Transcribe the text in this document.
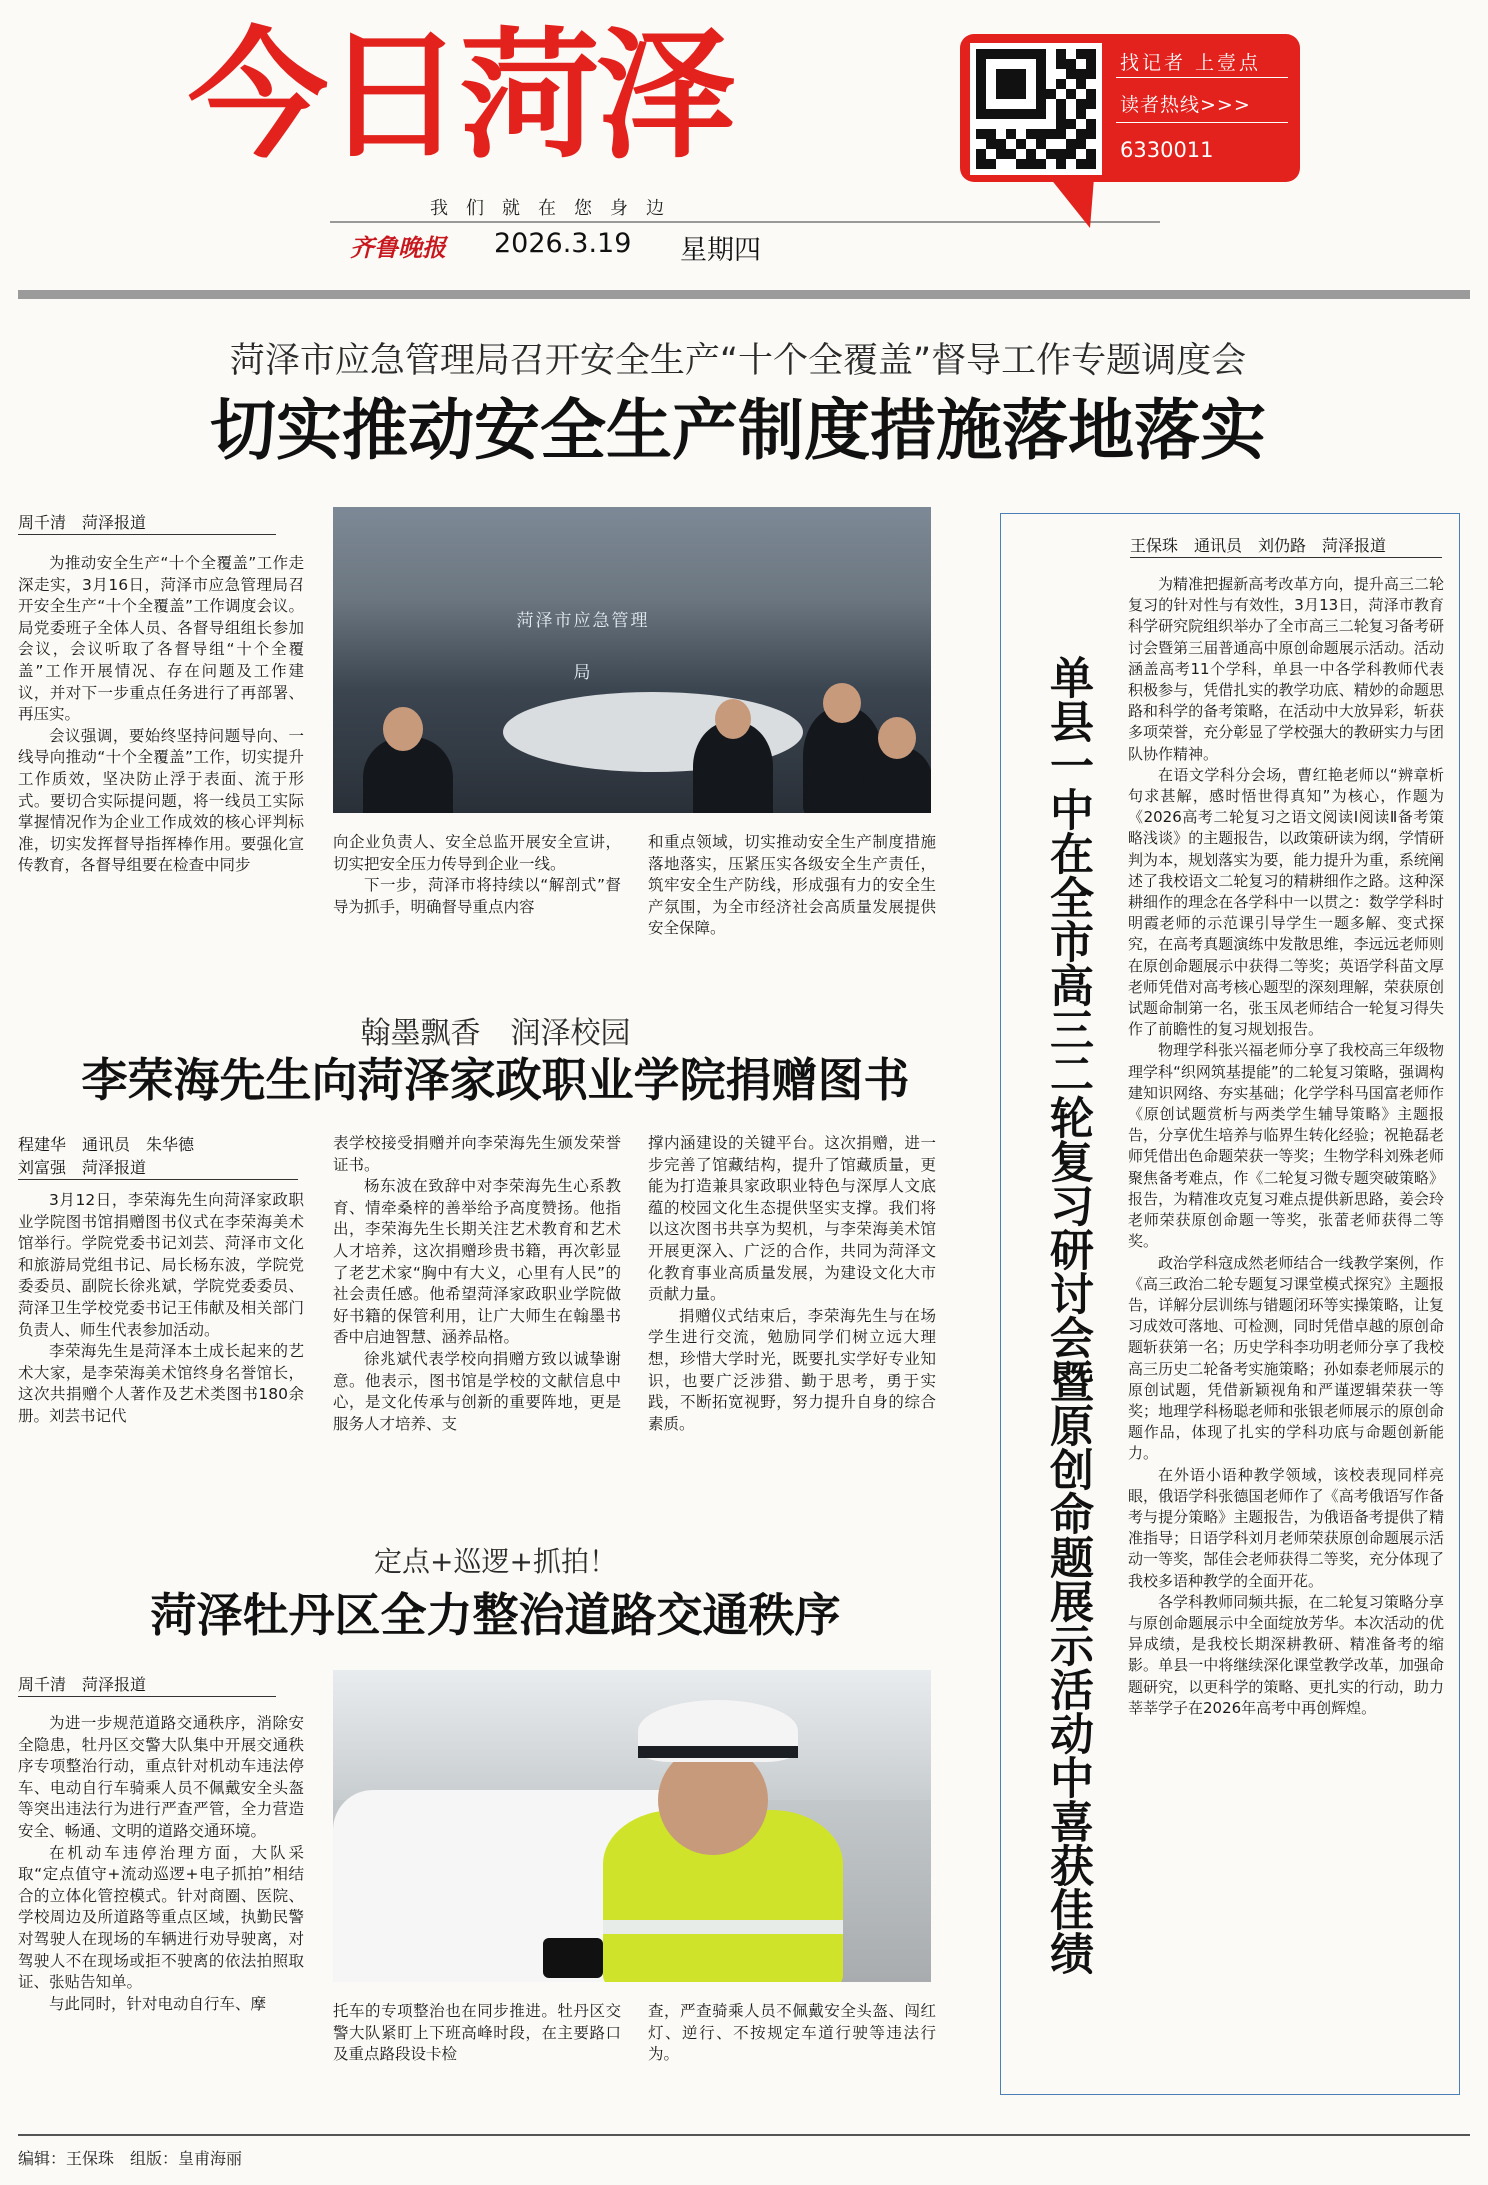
今日菏泽
我们就在您身边
齐鲁晚报 2026.3.19 星期四
找记者 上壹点
读者热线>>>
6330011
菏泽市应急管理局召开安全生产“十个全覆盖”督导工作专题调度会
切实推动安全生产制度措施落地落实
周千清　菏泽报道
菏泽市应急管理局

为推动安全生产“十个全覆盖”工作走深走实，3月16日，菏泽市应急管理局召开安全生产“十个全覆盖”工作调度会议。局党委班子全体人员、各督导组组长参加会议，会议听取了各督导组“十个全覆盖”工作开展情况、存在问题及工作建议，并对下一步重点任务进行了再部署、再压实。

会议强调，要始终坚持问题导向、一线导向推动“十个全覆盖”工作，切实提升工作质效，坚决防止浮于表面、流于形式。要切合实际提问题，将一线员工实际掌握情况作为企业工作成效的核心评判标准，切实发挥督导指挥棒作用。要强化宣传教育，各督导组要在检查中同步

向企业负责人、安全总监开展安全宣讲，切实把安全压力传导到企业一线。

下一步，菏泽市将持续以“解剖式”督导为抓手，明确督导重点内容

和重点领域，切实推动安全生产制度措施落地落实，压紧压实各级安全生产责任，筑牢安全生产防线，形成强有力的安全生产氛围，为全市经济社会高质量发展提供安全保障。

翰墨飘香　润泽校园
李荣海先生向菏泽家政职业学院捐赠图书
程建华　通讯员　朱华德
刘富强　菏泽报道

3月12日，李荣海先生向菏泽家政职业学院图书馆捐赠图书仪式在李荣海美术馆举行。学院党委书记刘芸、菏泽市文化和旅游局党组书记、局长杨东波，学院党委委员、副院长徐兆斌，学院党委委员、菏泽卫生学校党委书记王伟献及相关部门负责人、师生代表参加活动。

李荣海先生是菏泽本土成长起来的艺术大家，是李荣海美术馆终身名誉馆长，这次共捐赠个人著作及艺术类图书180余册。刘芸书记代

表学校接受捐赠并向李荣海先生颁发荣誉证书。

杨东波在致辞中对李荣海先生心系教育、情牵桑梓的善举给予高度赞扬。他指出，李荣海先生长期关注艺术教育和艺术人才培养，这次捐赠珍贵书籍，再次彰显了老艺术家“胸中有大义，心里有人民”的社会责任感。他希望菏泽家政职业学院做好书籍的保管利用，让广大师生在翰墨书香中启迪智慧、涵养品格。

徐兆斌代表学校向捐赠方致以诚挚谢意。他表示，图书馆是学校的文献信息中心，是文化传承与创新的重要阵地，更是服务人才培养、支

撑内涵建设的关键平台。这次捐赠，进一步完善了馆藏结构，提升了馆藏质量，更能为打造兼具家政职业特色与深厚人文底蕴的校园文化生态提供坚实支撑。我们将以这次图书共享为契机，与李荣海美术馆开展更深入、广泛的合作，共同为菏泽文化教育事业高质量发展，为建设文化大市贡献力量。

捐赠仪式结束后，李荣海先生与在场学生进行交流，勉励同学们树立远大理想，珍惜大学时光，既要扎实学好专业知识，也要广泛涉猎、勤于思考，勇于实践，不断拓宽视野，努力提升自身的综合素质。

定点+巡逻+抓拍！
菏泽牡丹区全力整治道路交通秩序
周千清　菏泽报道

为进一步规范道路交通秩序，消除安全隐患，牡丹区交警大队集中开展交通秩序专项整治行动，重点针对机动车违法停车、电动自行车骑乘人员不佩戴安全头盔等突出违法行为进行严查严管，全力营造安全、畅通、文明的道路交通环境。

在机动车违停治理方面，大队采取“定点值守+流动巡逻+电子抓拍”相结合的立体化管控模式。针对商圈、医院、学校周边及所道路等重点区域，执勤民警对驾驶人在现场的车辆进行劝导驶离，对驾驶人不在现场或拒不驶离的依法拍照取证、张贴告知单。

与此同时，针对电动自行车、摩	托车的专项整治也在同步推进。牡丹区交警大队紧盯上下班高峰时段，在主要路口及重点路段设卡检

查，严查骑乘人员不佩戴安全头盔、闯红灯、逆行、不按规定车道行驶等违法行为。

单县一中在全市高三二轮复习研讨会暨原创命题展示活动中喜获佳绩
王保珠　通讯员　刘仍路　菏泽报道

为精准把握新高考改革方向，提升高三二轮复习的针对性与有效性，3月13日，菏泽市教育科学研究院组织举办了全市高三二轮复习备考研讨会暨第三届普通高中原创命题展示活动。活动涵盖高考11个学科，单县一中各学科教师代表积极参与，凭借扎实的教学功底、精妙的命题思路和科学的备考策略，在活动中大放异彩，斩获多项荣誉，充分彰显了学校强大的教研实力与团队协作精神。

在语文学科分会场，曹红艳老师以“辨章析句求甚解，感时悟世得真知”为核心，作题为《2026高考二轮复习之语文阅读Ⅰ阅读Ⅱ备考策略浅谈》的主题报告，以政策研读为纲，学情研判为本，规划落实为要，能力提升为重，系统阐述了我校语文二轮复习的精耕细作之路。这种深耕细作的理念在各学科中一以贯之：数学学科时明霞老师的示范课引导学生一题多解、变式探究，在高考真题演练中发散思维，李远远老师则在原创命题展示中获得二等奖；英语学科苗文厚老师凭借对高考核心题型的深刻理解，荣获原创试题命制第一名，张玉凤老师结合一轮复习得失作了前瞻性的复习规划报告。

物理学科张兴福老师分享了我校高三年级物理学科“织网筑基提能”的二轮复习策略，强调构建知识网络、夯实基础；化学学科马国富老师作《原创试题赏析与两类学生辅导策略》主题报告，分享优生培养与临界生转化经验；祝艳磊老师凭借出色命题荣获一等奖；生物学科刘殊老师聚焦备考难点，作《二轮复习微专题突破策略》报告，为精准攻克复习难点提供新思路，姜会玲老师荣获原创命题一等奖，张蕾老师获得二等奖。

政治学科寇成然老师结合一线教学案例，作《高三政治二轮专题复习课堂模式探究》主题报告，详解分层训练与错题闭环等实操策略，让复习成效可落地、可检测，同时凭借卓越的原创命题斩获第一名；历史学科李功明老师分享了我校高三历史二轮备考实施策略；孙如泰老师展示的原创试题，凭借新颖视角和严谨逻辑荣获一等奖；地理学科杨聪老师和张银老师展示的原创命题作品，体现了扎实的学科功底与命题创新能力。

在外语小语种教学领域，该校表现同样亮眼，俄语学科张德国老师作了《高考俄语写作备考与提分策略》主题报告，为俄语备考提供了精准指导；日语学科刘月老师荣获原创命题展示活动一等奖，郜佳会老师获得二等奖，充分体现了我校多语种教学的全面开花。

各学科教师同频共振，在二轮复习策略分享与原创命题展示中全面绽放芳华。本次活动的优异成绩，是我校长期深耕教研、精准备考的缩影。单县一中将继续深化课堂教学改革，加强命题研究，以更科学的策略、更扎实的行动，助力莘莘学子在2026年高考中再创辉煌。

编辑：王保珠　组版：皇甫海丽
